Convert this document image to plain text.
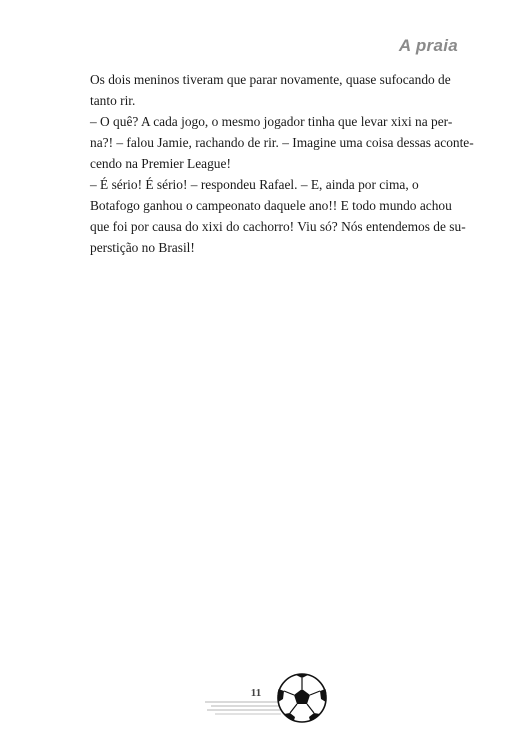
A praia

Os dois meninos tiveram que parar novamente, quase sufocando de
tanto rir.

– O quê? A cada jogo, o mesmo jogador tinha que levar xixi na per-
na?! – falou Jamie, rachando de rir. – Imagine uma coisa dessas aconte-
cendo na Premier League!

– É sério! É sério! – respondeu Rafael. – E, ainda por cima, o
Botafogo ganhou o campeonato daquele ano!! E todo mundo achou
que foi por causa do xixi do cachorro! Viu só? Nós entendemos de su-
perstição no Brasil!

11
